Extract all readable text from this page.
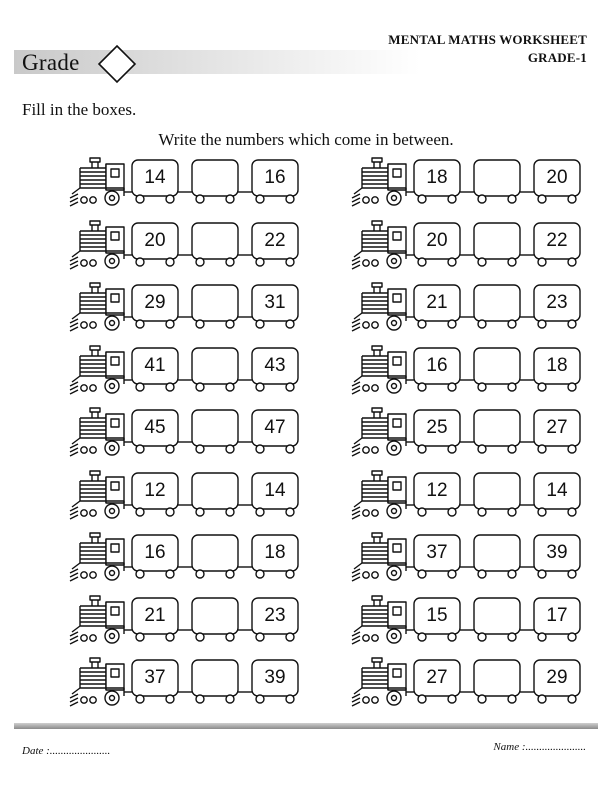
Grade
MENTAL MATHS WORKSHEET
GRADE-1
Fill in the boxes.
Write the numbers which come in between.
14	16
20	22
29	31
41	43
45	47
12	14
16	18
21	23
37	39
18	20
20	22
21	23
16	18
25	27
12	14
37	39
15	17
27	29
Date :......................	Name :......................
